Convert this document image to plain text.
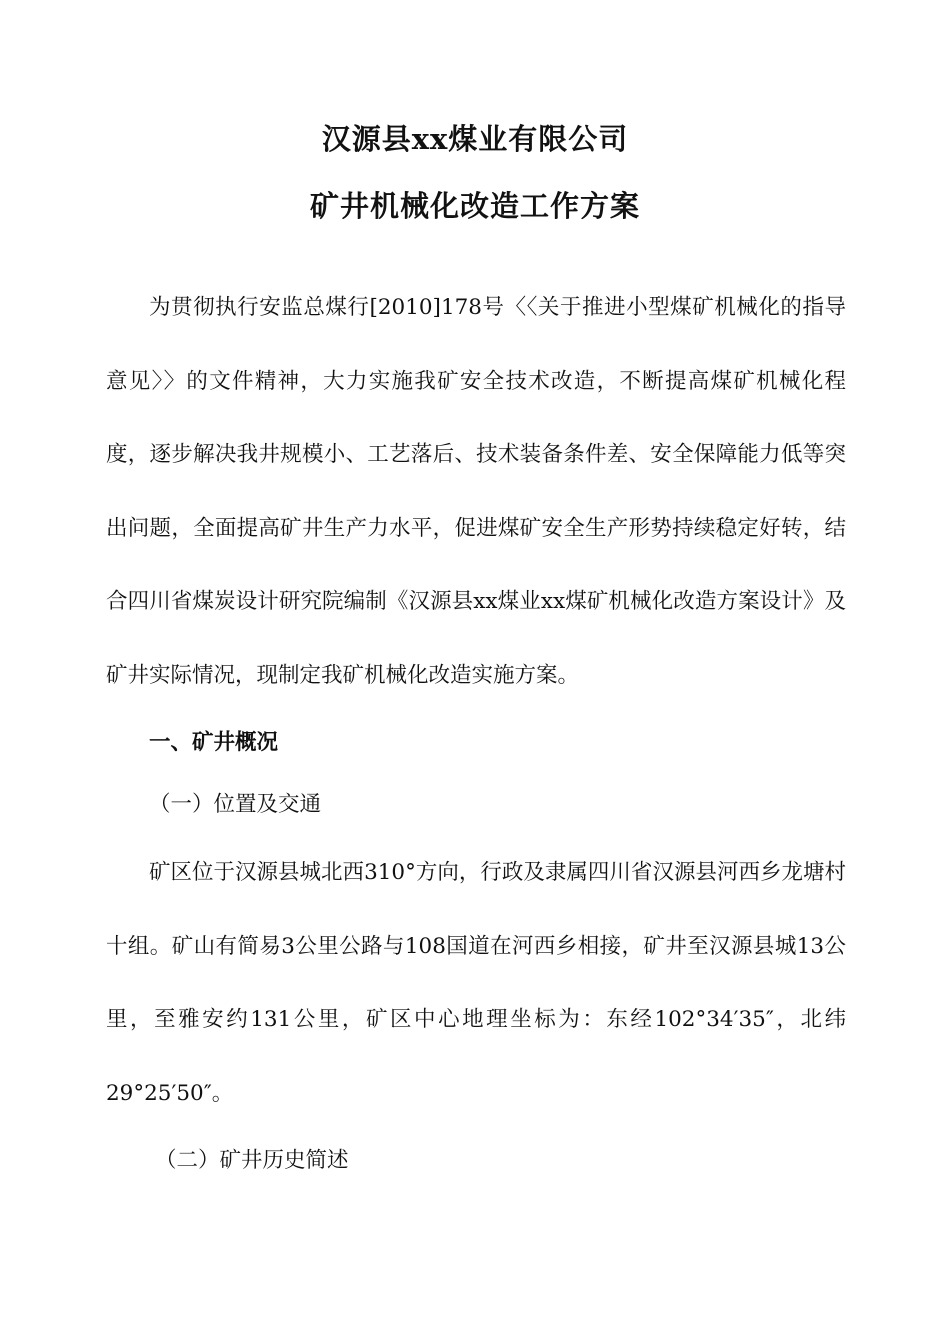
汉源县xx煤业有限公司
矿井机械化改造工作方案

为贯彻执行安监总煤行[2010]178号〈〈关于推进小型煤矿机械化的指导意见〉〉的文件精神，大力实施我矿安全技术改造，不断提高煤矿机械化程度，逐步解决我井规模小、工艺落后、技术装备条件差、安全保障能力低等突出问题，全面提高矿井生产力水平，促进煤矿安全生产形势持续稳定好转，结合四川省煤炭设计研究院编制《汉源县xx煤业xx煤矿机械化改造方案设计》及矿井实际情况，现制定我矿机械化改造实施方案。

一、矿井概况
（一）位置及交通

矿区位于汉源县城北西310°方向，行政及隶属四川省汉源县河西乡龙塘村十组。矿山有简易3公里公路与108国道在河西乡相接，矿井至汉源县城13公里，至雅安约131公里，矿区中心地理坐标为：东经102°34′35″，北纬29°25′50″。

（二）矿井历史简述
